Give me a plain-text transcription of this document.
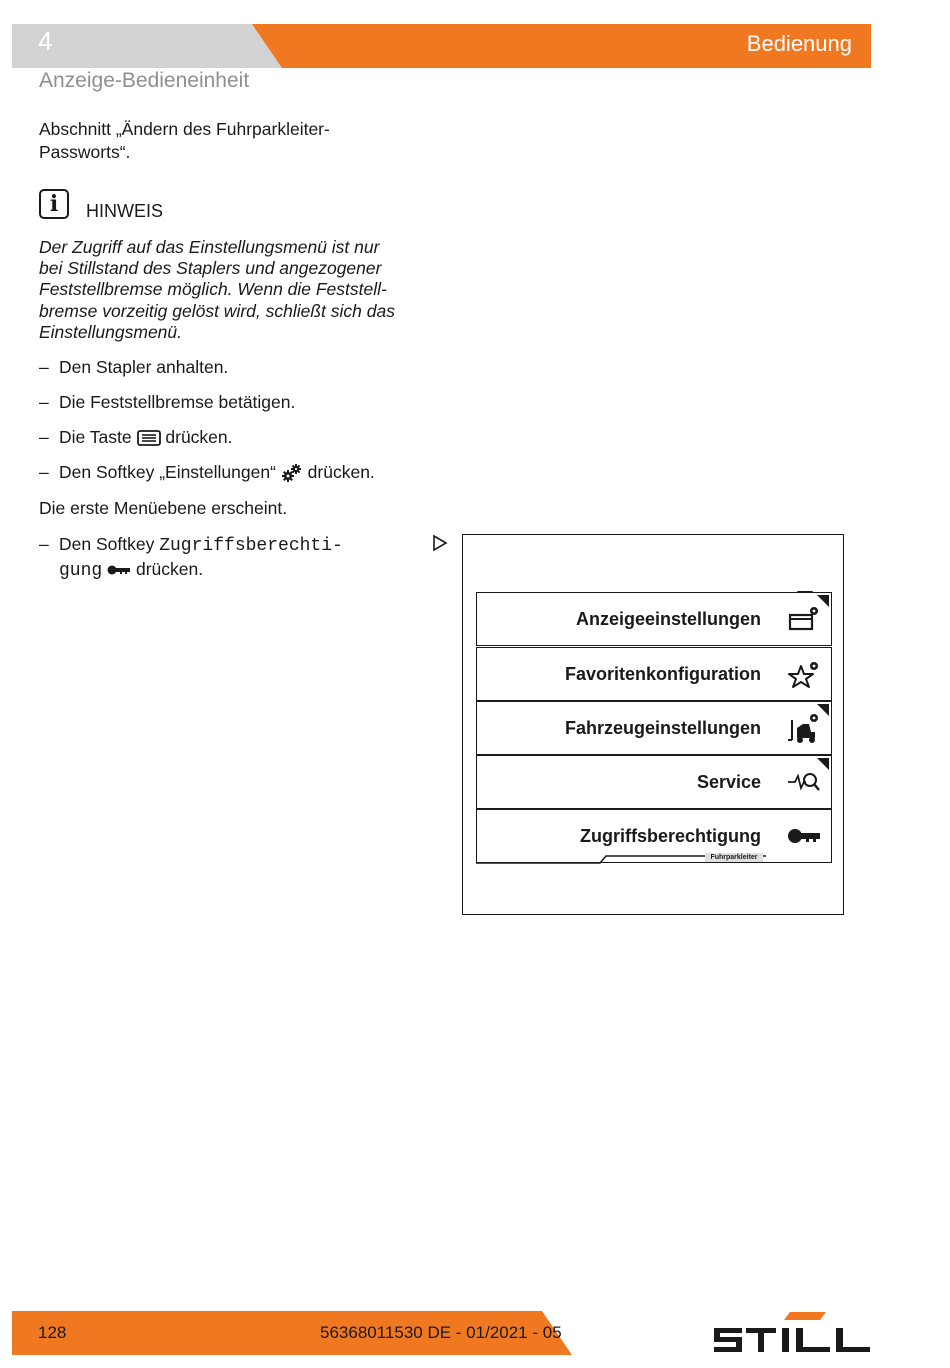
4	Bedienung
Anzeige-Bedieneinheit
Abschnitt „Ändern des Fuhrparkleiter-
Passworts“.
i	HINWEIS
Der Zugriff auf das Einstellungsmenü ist nur
bei Stillstand des Staplers und angezogener
Feststellbremse möglich. Wenn die Feststell-
bremse vorzeitig gelöst wird, schließt sich das
Einstellungsmenü.
– Den Stapler anhalten.
– Die Feststellbremse betätigen.
– Die Taste drücken.
– Den Softkey „Einstellungen“ drücken.
Die erste Menüebene erscheint.
– Den Softkey Zugriffsberechti-
gung drücken.
Anzeigeeinstellungen
Favoritenkonfiguration
Fahrzeugeinstellungen
Service
Zugriffsberechtigung
Fuhrparkleiter
128	56368011530 DE - 01/2021 - 05
